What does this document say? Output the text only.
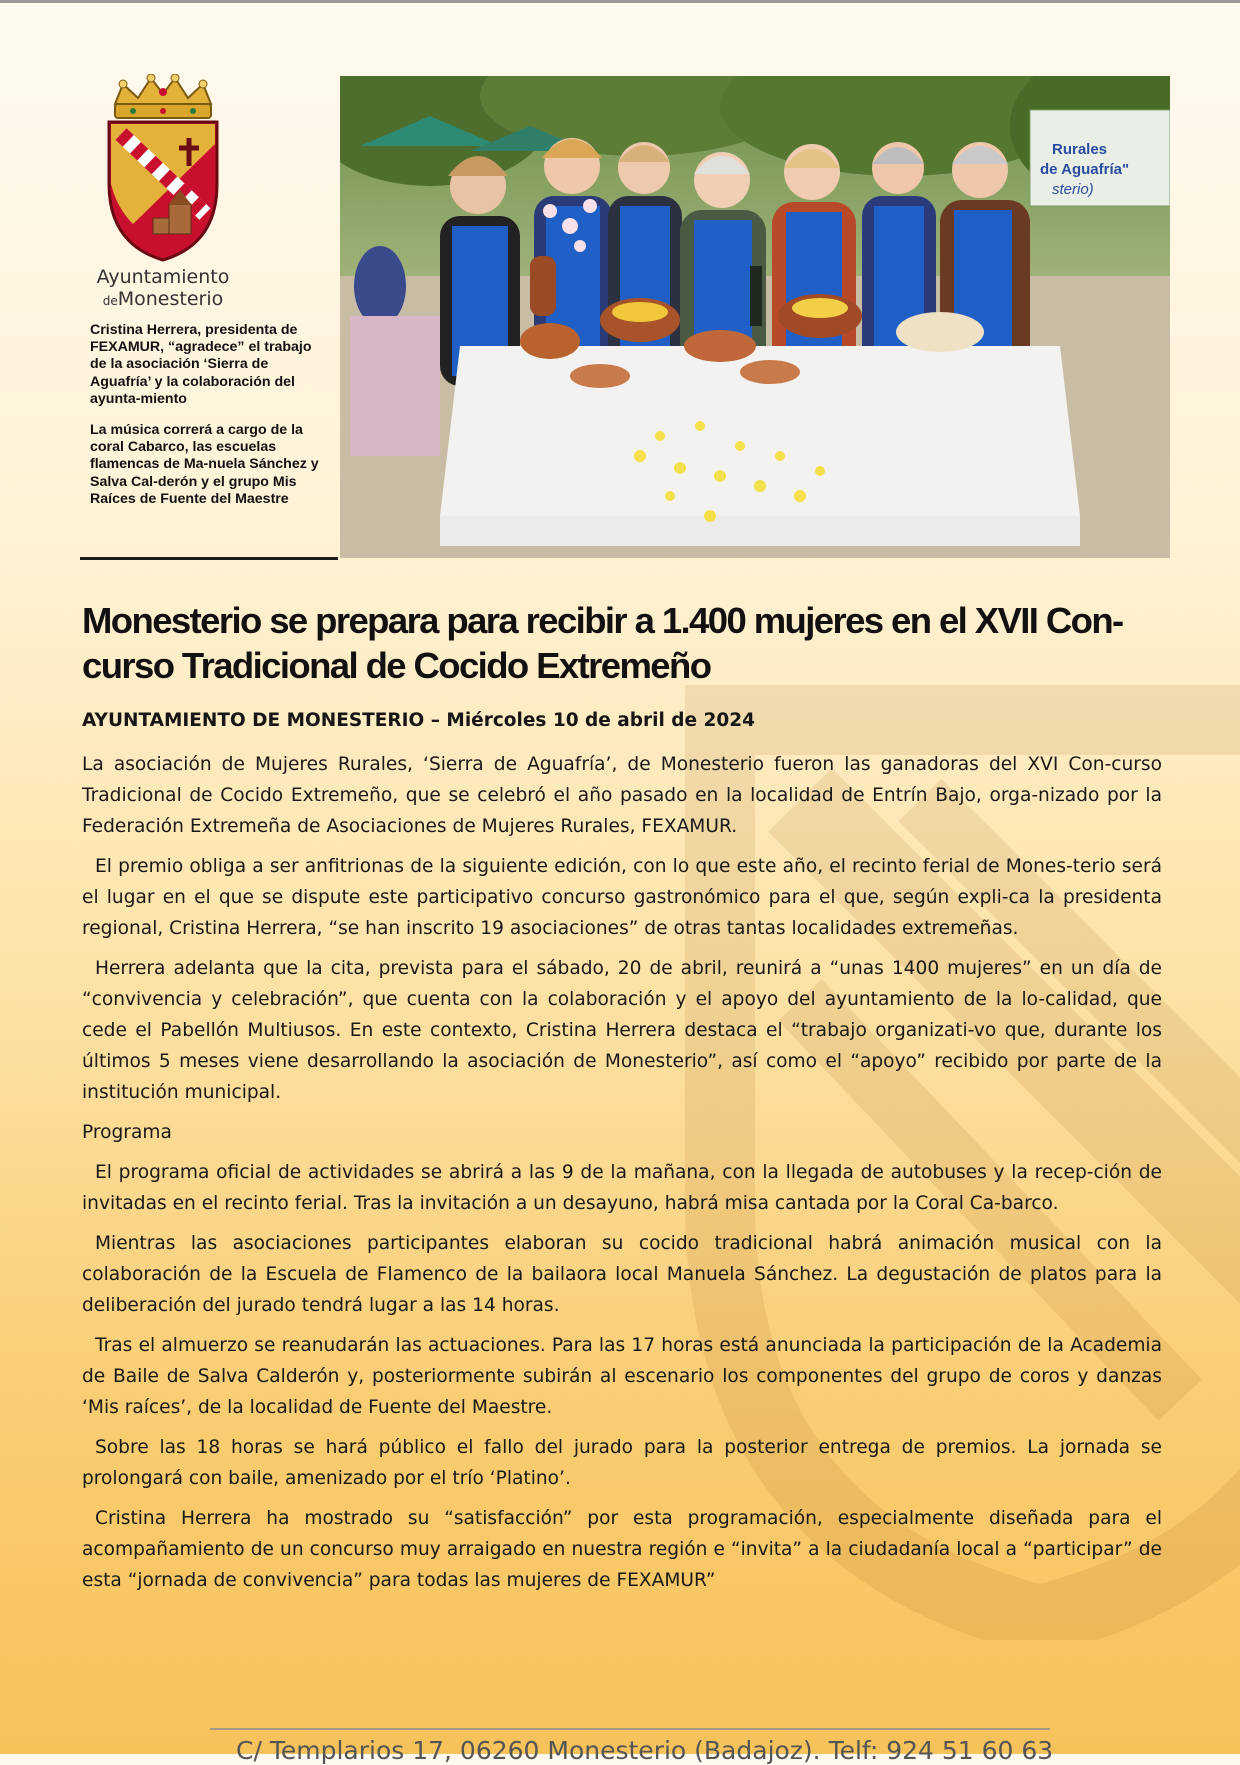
Ayuntamiento
deMonesterio
Cristina Herrera, presidenta de FEXAMUR, “agradece” el trabajo de la asociación ‘Sierra de Aguafría’ y la colaboración del ayunta-miento
La música correrá a cargo de la coral Cabarco, las escuelas flamencas de Ma-nuela Sánchez y Salva Cal-derón y el grupo Mis Raíces de Fuente del Maestre
Rurales
de Aguafría"
sterio)
Monesterio se prepara para recibir a 1.400 mujeres en el XVII Con-curso Tradicional de Cocido Extremeño
AYUNTAMIENTO DE MONESTERIO – Miércoles 10 de abril de 2024

La asociación de Mujeres Rurales, ‘Sierra de Aguafría’, de Monesterio fueron las ganadoras del XVI Con-curso Tradicional de Cocido Extremeño, que se celebró el año pasado en la localidad de Entrín Bajo, orga-nizado por la Federación Extremeña de Asociaciones de Mujeres Rurales, FEXAMUR.

El premio obliga a ser anfitrionas de la siguiente edición, con lo que este año, el recinto ferial de Mones-terio será el lugar en el que se dispute este participativo concurso gastronómico para el que, según expli-ca la presidenta regional, Cristina Herrera, “se han inscrito 19 asociaciones” de otras tantas localidades extremeñas.

Herrera adelanta que la cita, prevista para el sábado, 20 de abril, reunirá a “unas 1400 mujeres” en un día de “convivencia y celebración”, que cuenta con la colaboración y el apoyo del ayuntamiento de la lo-calidad, que cede el Pabellón Multiusos. En este contexto, Cristina Herrera destaca el “trabajo organizati-vo que, durante los últimos 5 meses viene desarrollando la asociación de Monesterio”, así como el “apoyo” recibido por parte de la institución municipal.

Programa

El programa oficial de actividades se abrirá a las 9 de la mañana, con la llegada de autobuses y la recep-ción de invitadas en el recinto ferial. Tras la invitación a un desayuno, habrá misa cantada por la Coral Ca-barco.

Mientras las asociaciones participantes elaboran su cocido tradicional habrá animación musical con la colaboración de la Escuela de Flamenco de la bailaora local Manuela Sánchez. La degustación de platos para la deliberación del jurado tendrá lugar a las 14 horas.

Tras el almuerzo se reanudarán las actuaciones. Para las 17 horas está anunciada la participación de la Academia de Baile de Salva Calderón y, posteriormente subirán al escenario los componentes del grupo de coros y danzas ‘Mis raíces’, de la localidad de Fuente del Maestre.

Sobre las 18 horas se hará público el fallo del jurado para la posterior entrega de premios. La jornada se prolongará con baile, amenizado por el trío ‘Platino’.

Cristina Herrera ha mostrado su “satisfacción” por esta programación, especialmente diseñada para el acompañamiento de un concurso muy arraigado en nuestra región e “invita” a la ciudadanía local a “participar” de esta “jornada de convivencia” para todas las mujeres de FEXAMUR”

C/ Templarios 17, 06260 Monesterio (Badajoz). Telf: 924 51 60 63
